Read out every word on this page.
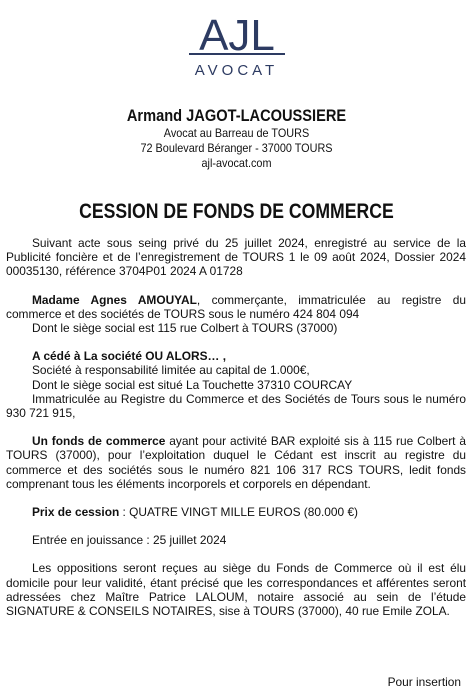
AJL
AVOCAT
Armand JAGOT-LACOUSSIERE
Avocat au Barreau de TOURS
72 Boulevard Béranger - 37000 TOURS
ajl-avocat.com
CESSION DE FONDS DE COMMERCE

Suivant acte sous seing privé du 25 juillet 2024, enregistré au service de la Publicité foncière et de l’enregistrement de TOURS 1 le 09 août 2024, Dossier 2024 00035130, référence 3704P01 2024 A 01728

Madame Agnes AMOUYAL, commerçante, immatriculée au registre du commerce et des sociétés de TOURS sous le numéro 424 804 094

Dont le siège social est 115 rue Colbert à TOURS (37000)

A cédé à La société OU ALORS… ,

Société à responsabilité limitée au capital de 1.000€,

Dont le siège social est situé La Touchette 37310 COURCAY

Immatriculée au Registre du Commerce et des Sociétés de Tours sous le numéro 930 721 915,

Un fonds de commerce ayant pour activité BAR exploité sis à 115 rue Colbert à TOURS (37000), pour l’exploitation duquel le Cédant est inscrit au registre du commerce et des sociétés sous le numéro 821 106 317 RCS TOURS, ledit fonds comprenant tous les éléments incorporels et corporels en dépendant.

Prix de cession : QUATRE VINGT MILLE EUROS (80.000 €)

Entrée en jouissance : 25 juillet 2024

Les oppositions seront reçues au siège du Fonds de Commerce où il est élu domicile pour leur validité, étant précisé que les correspondances et afférentes seront adressées chez Maître Patrice LALOUM, notaire associé au sein de l’étude SIGNATURE & CONSEILS NOTAIRES, sise à TOURS (37000), 40 rue Emile ZOLA.

Pour insertion
